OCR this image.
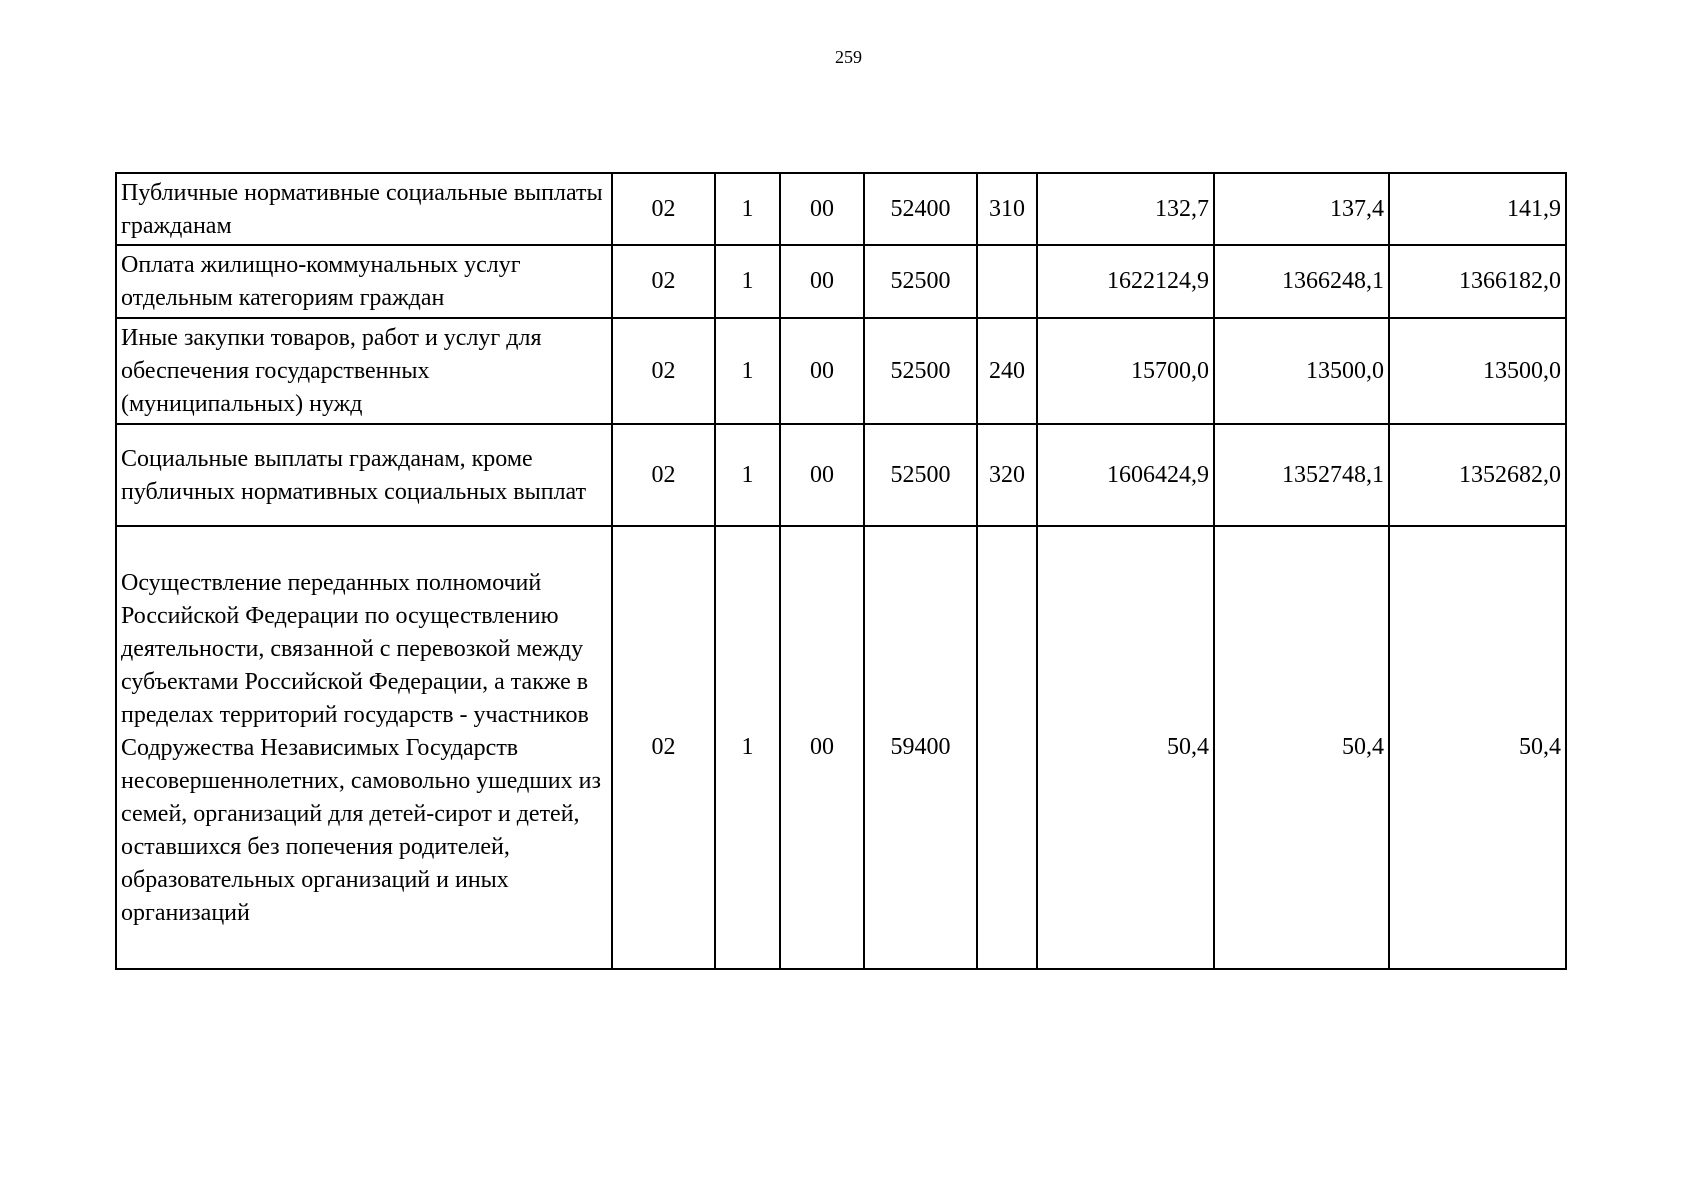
259
Публичные нормативные социальные выплаты гражданам	02	1	00	52400	310	132,7	137,4	141,9

Оплата жилищно-коммунальных услуг отдельным категориям граждан	02	1	00	52500		1622124,9	1366248,1	1366182,0

Иные закупки товаров, работ и услуг для обеспечения государственных (муниципальных) нужд	02	1	00	52500	240	15700,0	13500,0	13500,0

Социальные выплаты гражданам, кроме публичных нормативных социальных выплат	02	1	00	52500	320	1606424,9	1352748,1	1352682,0

Осуществление переданных полномочий Российской Федерации по осуществлению деятельности, связанной с перевозкой между субъектами Российской Федерации, а также в пределах территорий государств - участников Содружества Независимых Государств несовершеннолетних, самовольно ушедших из семей, организаций для детей-сирот и детей, оставшихся без попечения родителей, образовательных организаций и иных организаций	02	1	00	59400		50,4	50,4	50,4
